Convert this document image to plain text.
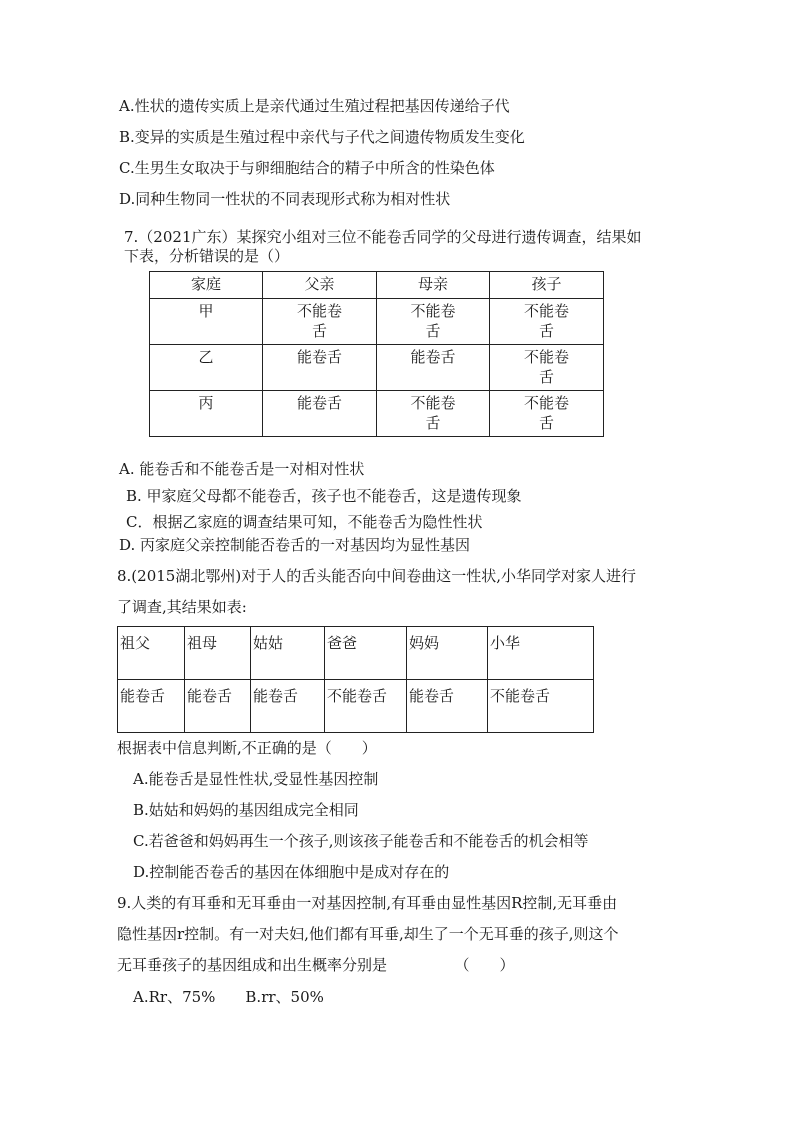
A.性状的遗传实质上是亲代通过生殖过程把基因传递给子代
B.变异的实质是生殖过程中亲代与子代之间遗传物质发生变化
C.生男生女取决于与卵细胞结合的精子中所含的性染色体
D.同种生物同一性状的不同表现形式称为相对性状
7.（2021广东）某探究小组对三位不能卷舌同学的父母进行遗传调查，结果如
下表，分析错误的是（）
家庭	父亲	母亲	孩子
甲	不能卷舌	不能卷舌	不能卷舌
乙	能卷舌	能卷舌	不能卷舌
丙	能卷舌	不能卷舌	不能卷舌
A. 能卷舌和不能卷舌是一对相对性状
B. 甲家庭父母都不能卷舌，孩子也不能卷舌，这是遗传现象
C．根据乙家庭的调查结果可知，不能卷舌为隐性性状
D. 丙家庭父亲控制能否卷舌的一对基因均为显性基因
8.(2015湖北鄂州)对于人的舌头能否向中间卷曲这一性状,小华同学对家人进行
了调查,其结果如表:
祖父	祖母	姑姑	爸爸	妈妈	小华
能卷舌	能卷舌	能卷舌	不能卷舌	能卷舌	不能卷舌
根据表中信息判断,不正确的是（　　）
A.能卷舌是显性性状,受显性基因控制
B.姑姑和妈妈的基因组成完全相同
C.若爸爸和妈妈再生一个孩子,则该孩子能卷舌和不能卷舌的机会相等
D.控制能否卷舌的基因在体细胞中是成对存在的
9.人类的有耳垂和无耳垂由一对基因控制,有耳垂由显性基因R控制,无耳垂由
隐性基因r控制。有一对夫妇,他们都有耳垂,却生了一个无耳垂的孩子,则这个
无耳垂孩子的基因组成和出生概率分别是　　　　　（　　）
A.Rr、75%　　B.rr、50%
